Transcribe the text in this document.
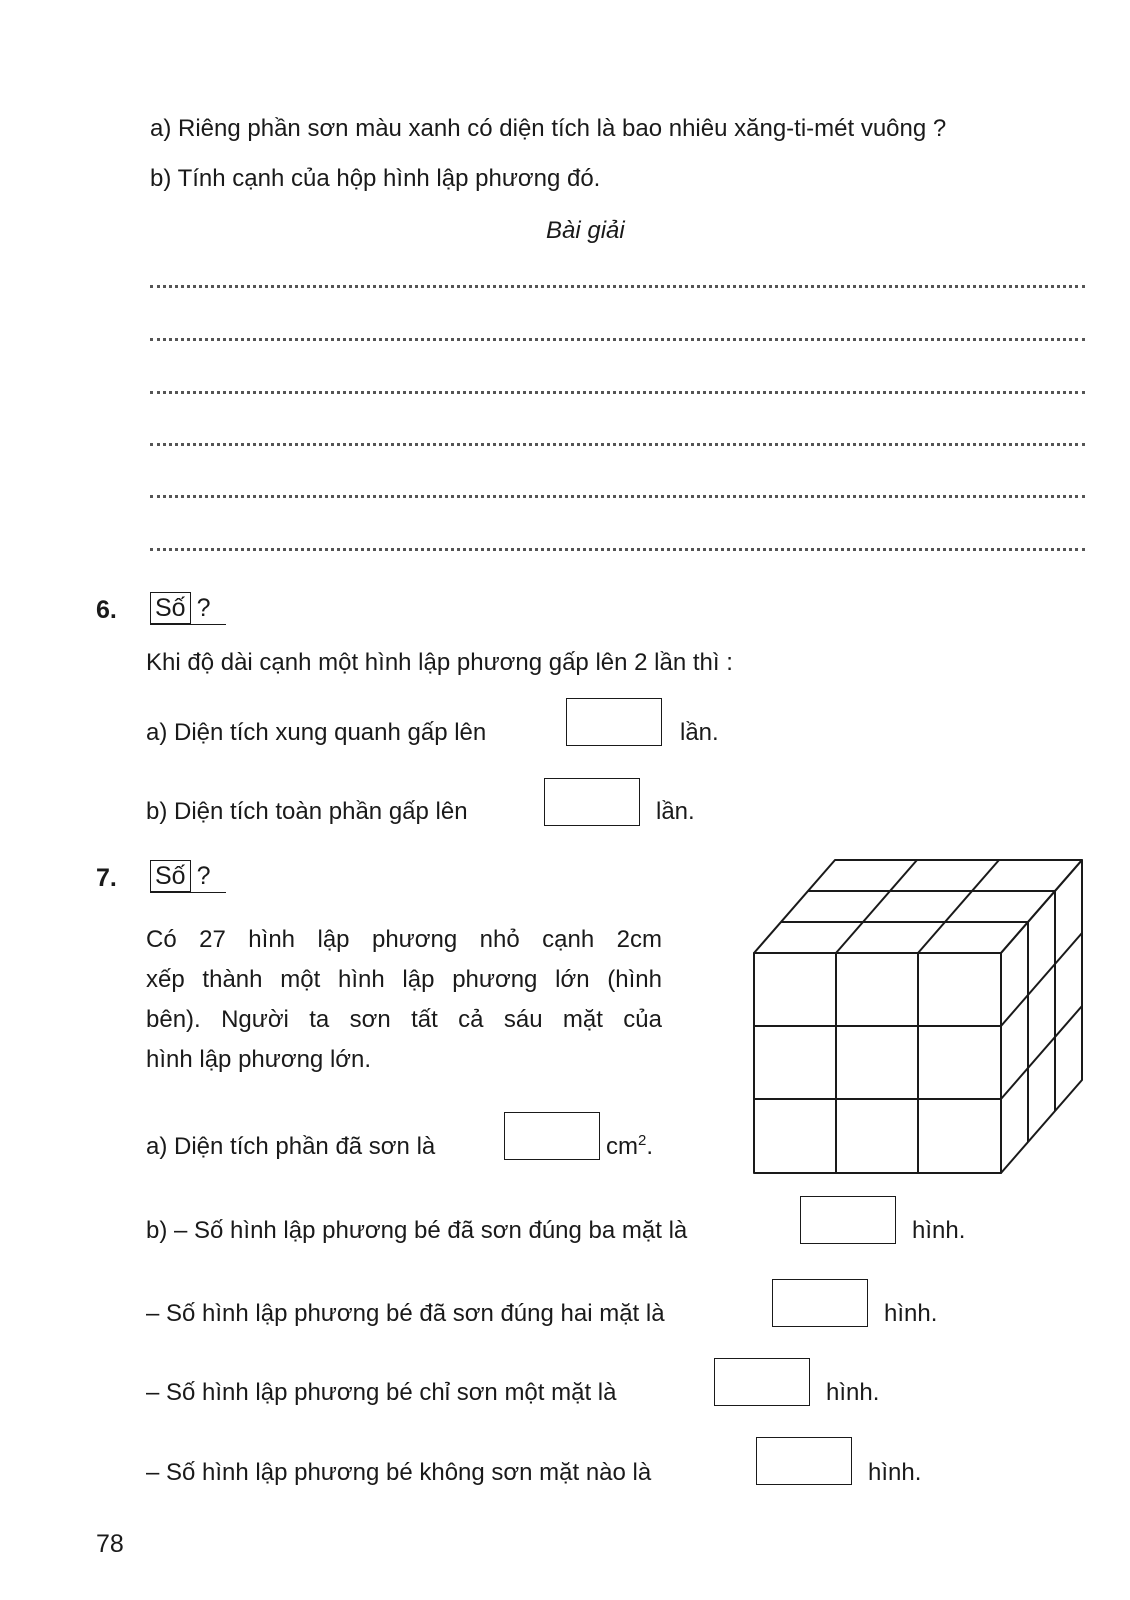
a) Riêng phần sơn màu xanh có diện tích là bao nhiêu xăng-ti-mét vuông ?
b) Tính cạnh của hộp hình lập phương đó.
Bài giải
6. Số ?
Khi độ dài cạnh một hình lập phương gấp lên 2 lần thì :
a) Diện tích xung quanh gấp lên	lần.
b) Diện tích toàn phần gấp lên	lần.
7. Số ?
Có 27 hình lập phương nhỏ cạnh 2cm
xếp thành một hình lập phương lớn (hình
bên). Người ta sơn tất cả sáu mặt của
hình lập phương lớn.
a) Diện tích phần đã sơn là	$cm^2$.
b) – Số hình lập phương bé đã sơn đúng ba mặt là	hình.
– Số hình lập phương bé đã sơn đúng hai mặt là	hình.
– Số hình lập phương bé chỉ sơn một mặt là	hình.
– Số hình lập phương bé không sơn mặt nào là	hình.
78
